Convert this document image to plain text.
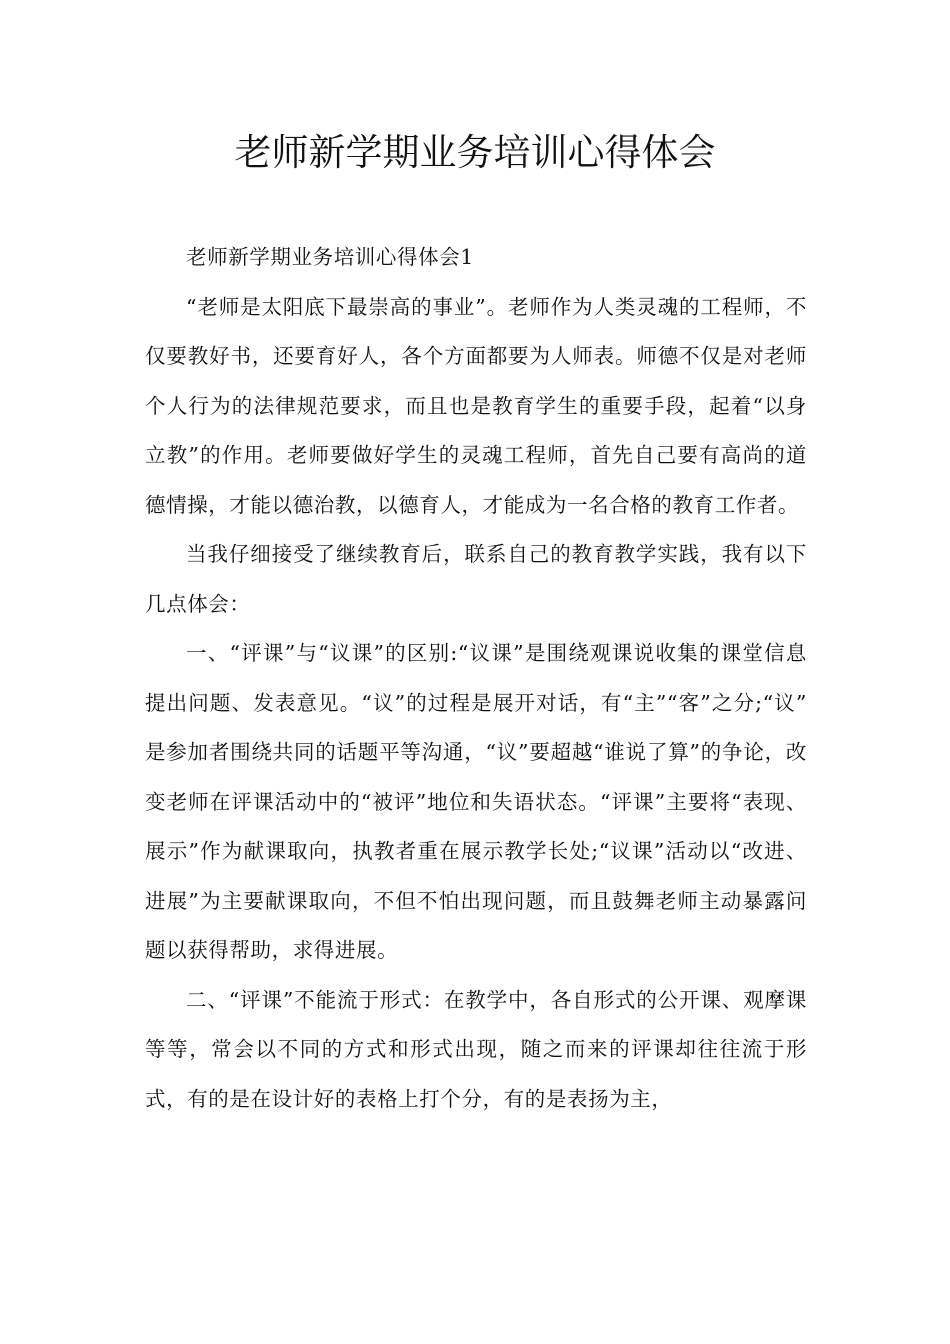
老师新学期业务培训心得体会

老师新学期业务培训心得体会1

“老师是太阳底下最崇高的事业”。老师作为人类灵魂的工程师，不仅要教好书，还要育好人，各个方面都要为人师表。师德不仅是对老师个人行为的法律规范要求，而且也是教育学生的重要手段，起着“以身立教”的作用。老师要做好学生的灵魂工程师，首先自己要有高尚的道德情操，才能以德治教，以德育人，才能成为一名合格的教育工作者。

当我仔细接受了继续教育后，联系自己的教育教学实践，我有以下几点体会：

一、“评课”与“议课”的区别:“议课”是围绕观课说收集的课堂信息提出问题、发表意见。“议”的过程是展开对话，有“主”“客”之分;“议” 是参加者围绕共同的话题平等沟通，“议”要超越“谁说了算”的争论，改变老师在评课活动中的“被评”地位和失语状态。“评课”主要将“表现、展示”作为献课取向，执教者重在展示教学长处;“议课”活动以“改进、进展”为主要献课取向，不但不怕出现问题，而且鼓舞老师主动暴露问题以获得帮助，求得进展。

二、“评课”不能流于形式：在教学中，各自形式的公开课、观摩课等等，常会以不同的方式和形式出现，随之而来的评课却往往流于形式，有的是在设计好的表格上打个分，有的是表扬为主，
